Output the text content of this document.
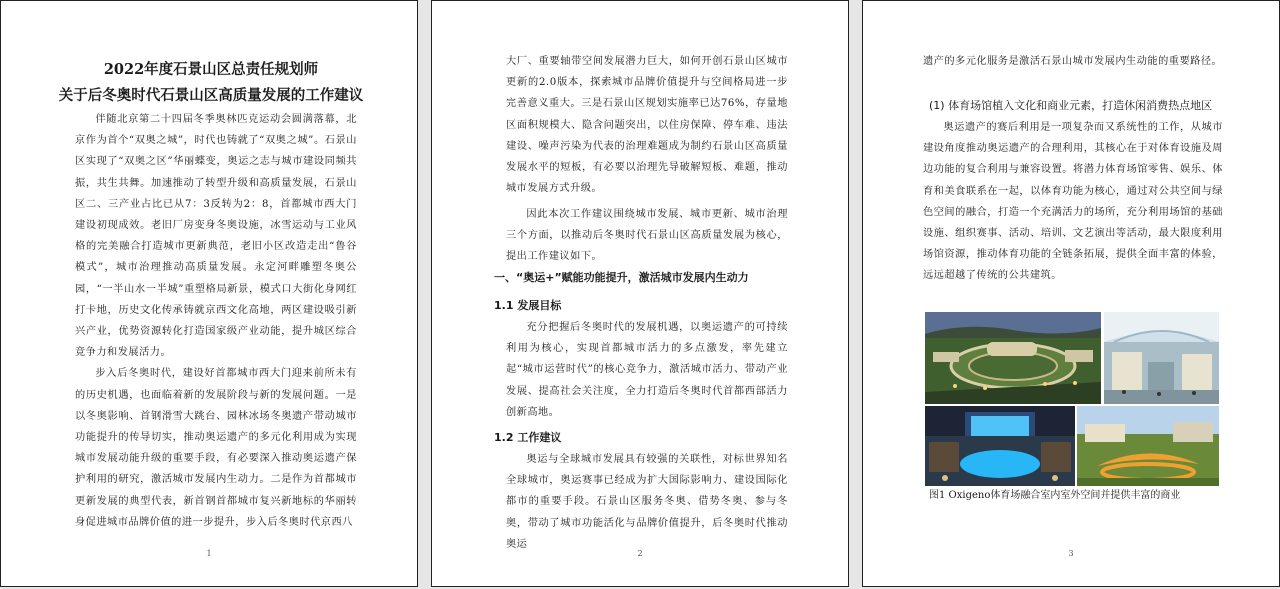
2022年度石景山区总责任规划师
关于后冬奥时代石景山区高质量发展的工作建议

伴随北京第二十四届冬季奥林匹克运动会圆满落幕，北京作为首个“双奥之城”，时代也铸就了“双奥之城”。石景山区实现了“双奥之区”华丽蝶变，奥运之志与城市建设同频共振，共生共舞。加速推动了转型升级和高质量发展，石景山区二、三产业占比已从7：3反转为2：8，首都城市西大门建设初现成效。老旧厂房变身冬奥设施，冰雪运动与工业风格的完美融合打造城市更新典范，老旧小区改造走出“鲁谷模式”，城市治理推动高质量发展。永定河畔雕塑冬奥公园，“一半山水一半城”重塑格局新景，模式口大街化身网红打卡地，历史文化传承铸就京西文化高地，两区建设吸引新兴产业，优势资源转化打造国家级产业动能，提升城区综合竞争力和发展活力。

步入后冬奥时代，建设好首都城市西大门迎来前所未有的历史机遇，也面临着新的发展阶段与新的发展问题。一是以冬奥影响、首钢滑雪大跳台、园林冰场冬奥遗产带动城市功能提升的传导切实，推动奥运遗产的多元化利用成为实现城市发展动能升级的重要手段，有必要深入推动奥运遗产保护利用的研究，激活城市发展内生动力。二是作为首都城市更新发展的典型代表，新首钢首都城市复兴新地标的华丽转身促进城市品牌价值的进一步提升，步入后冬奥时代京西八

1

大厂、重要轴带空间发展潜力巨大，如何开创石景山区城市更新的2.0版本，探索城市品牌价值提升与空间格局进一步完善意义重大。三是石景山区规划实施率已达76%，存量地区面积规模大、隐含问题突出，以住房保障、停车难、违法建设、噪声污染为代表的治理难题成为制约石景山区高质量发展水平的短板，有必要以治理先导破解短板、难题，推动城市发展方式升级。

因此本次工作建议围绕城市发展、城市更新、城市治理三个方面，以推动后冬奥时代石景山区高质量发展为核心，提出工作建议如下。

一、“奥运+”赋能功能提升，激活城市发展内生动力
1.1 发展目标

充分把握后冬奥时代的发展机遇，以奥运遗产的可持续利用为核心，实现首都城市活力的多点激发，率先建立起“城市运营时代”的核心竞争力，激活城市活力、带动产业发展、提高社会关注度，全力打造后冬奥时代首都西部活力创新高地。

1.2 工作建议

奥运与全球城市发展具有较强的关联性，对标世界知名全球城市，奥运赛事已经成为扩大国际影响力、建设国际化都市的重要手段。石景山区服务冬奥、借势冬奥、参与冬奥，带动了城市功能活化与品牌价值提升，后冬奥时代推动奥运

2

遗产的多元化服务是激活石景山城市发展内生动能的重要路径。

(1) 体育场馆植入文化和商业元素，打造休闲消费热点地区

奥运遗产的赛后利用是一项复杂而又系统性的工作，从城市建设角度推动奥运遗产的合理利用，其核心在于对体育设施及周边功能的复合利用与兼容设置。将潜力体育场馆零售、娱乐、体育和美食联系在一起，以体育功能为核心，通过对公共空间与绿色空间的融合，打造一个充满活力的场所，充分利用场馆的基础设施、组织赛事、活动、培训、文艺演出等活动，最大限度利用场馆资源，推动体育功能的全链条拓展，提供全面丰富的体验，远远超越了传统的公共建筑。

图1 Oxigeno体育场融合室内室外空间并提供丰富的商业
3
